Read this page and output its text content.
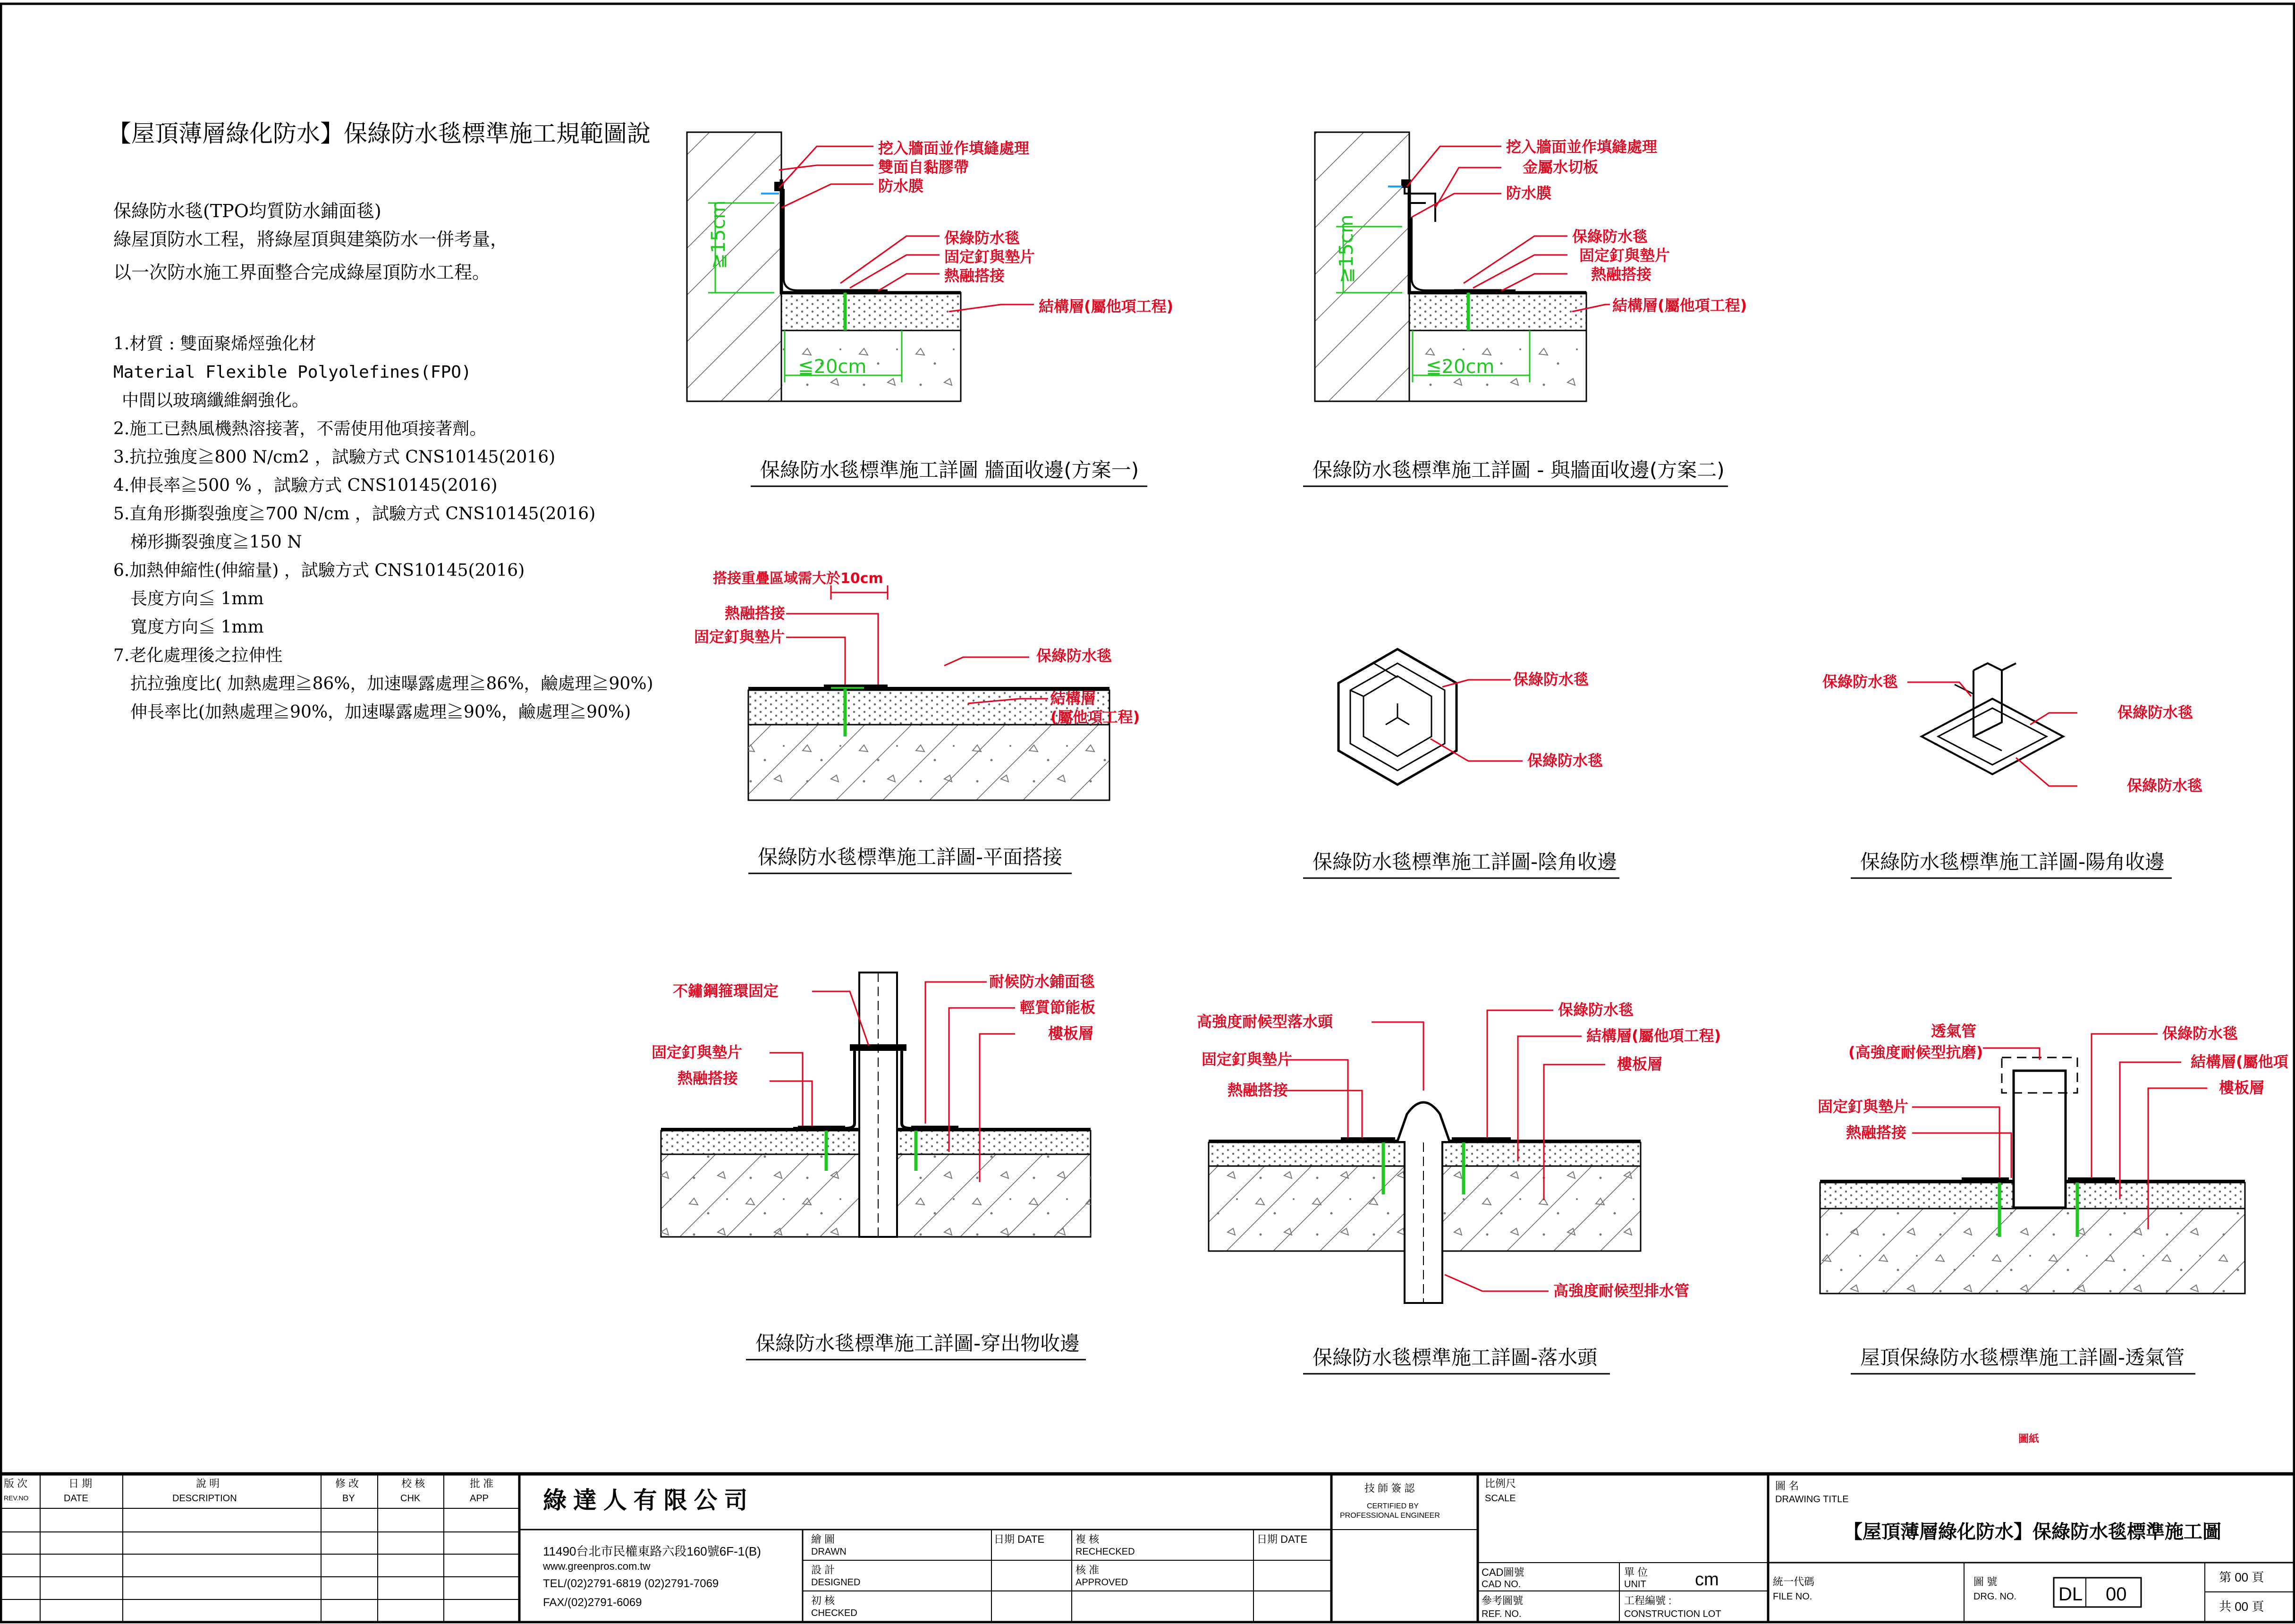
【屋頂薄層綠化防水】保綠防水毯標準施工規範圖說
保綠防水毯(TPO均質防水鋪面毯)
綠屋頂防水工程，將綠屋頂與建築防水一併考量，
以一次防水施工界面整合完成綠屋頂防水工程。
1.材質 : 雙面聚烯烴強化材
Material Flexible Polyolefines(FPO)
中間以玻璃纖維網強化。
2.施工已熱風機熱溶接著，不需使用他項接著劑。
3.抗拉強度≧800 N/cm2 ，試驗方式 CNS10145(2016)
4.伸長率≧500 % ，試驗方式 CNS10145(2016)
5.直角形撕裂強度≧700 N/cm ，試驗方式 CNS10145(2016)
梯形撕裂強度≧150 N
6.加熱伸縮性(伸縮量) ，試驗方式 CNS10145(2016)
長度方向≦ 1mm
寬度方向≦ 1mm
7.老化處理後之拉伸性
抗拉強度比( 加熱處理≧86%，加速曝露處理≧86%，鹼處理≧90%)
伸長率比(加熱處理≧90%，加速曝露處理≧90%，鹼處理≧90%)
≧15cm
≦20cm
挖入牆面並作填縫處理
雙面自黏膠帶
防水膜
保綠防水毯
固定釘與墊片
熱融搭接
結構層(屬他項工程)
保綠防水毯標準施工詳圖 牆面收邊(方案一)
≧15cm
≦20cm
挖入牆面並作填縫處理
金屬水切板
防水膜
保綠防水毯
固定釘與墊片
熱融搭接
結構層(屬他項工程)
保綠防水毯標準施工詳圖 - 與牆面收邊(方案二)
搭接重疊區域需大於10cm
熱融搭接
固定釘與墊片
保綠防水毯
結構層
(屬他項工程)
保綠防水毯標準施工詳圖-平面搭接
保綠防水毯
保綠防水毯
保綠防水毯標準施工詳圖-陰角收邊
保綠防水毯
保綠防水毯
保綠防水毯
保綠防水毯標準施工詳圖-陽角收邊
不鏽鋼箍環固定
固定釘與墊片
熱融搭接
耐候防水鋪面毯
輕質節能板
樓板層
保綠防水毯標準施工詳圖-穿出物收邊
高強度耐候型落水頭
固定釘與墊片
熱融搭接
保綠防水毯
結構層(屬他項工程)
樓板層
高強度耐候型排水管
保綠防水毯標準施工詳圖-落水頭
透氣管
(高強度耐候型抗磨)
固定釘與墊片
熱融搭接
保綠防水毯
結構層(屬他項
樓板層
屋頂保綠防水毯標準施工詳圖-透氣管
圖紙
版 次
REV.NO
日 期
DATE
說 明
DESCRIPTION
修 改
BY
校 核
CHK
批 准
APP 綠 達 人 有 限 公 司
11490台北市民權東路六段160號6F-1(B)
www.greenpros.com.tw
TEL/(02)2791-6819 (02)2791-7069
FAX/(02)2791-6069
繪 圖
DRAWN
設 計
DESIGNED
初 核
CHECKED
日期 DATE	複 核
RECHECKED
核 准
APPROVED
日期 DATE
技 師 簽 認
CERTIFIED BY
PROFESSIONAL ENGINEER
比例尺
SCALE
CAD圖號
CAD NO.
單 位
UNIT	cm
參考圖號
REF. NO.
工程編號 :
CONSTRUCTION LOT
圖 名
DRAWING TITLE
【屋頂薄層綠化防水】保綠防水毯標準施工圖
統一代碼
FILE NO.
圖 號
DRG. NO. DL 00
第 00 頁
共 00 頁
